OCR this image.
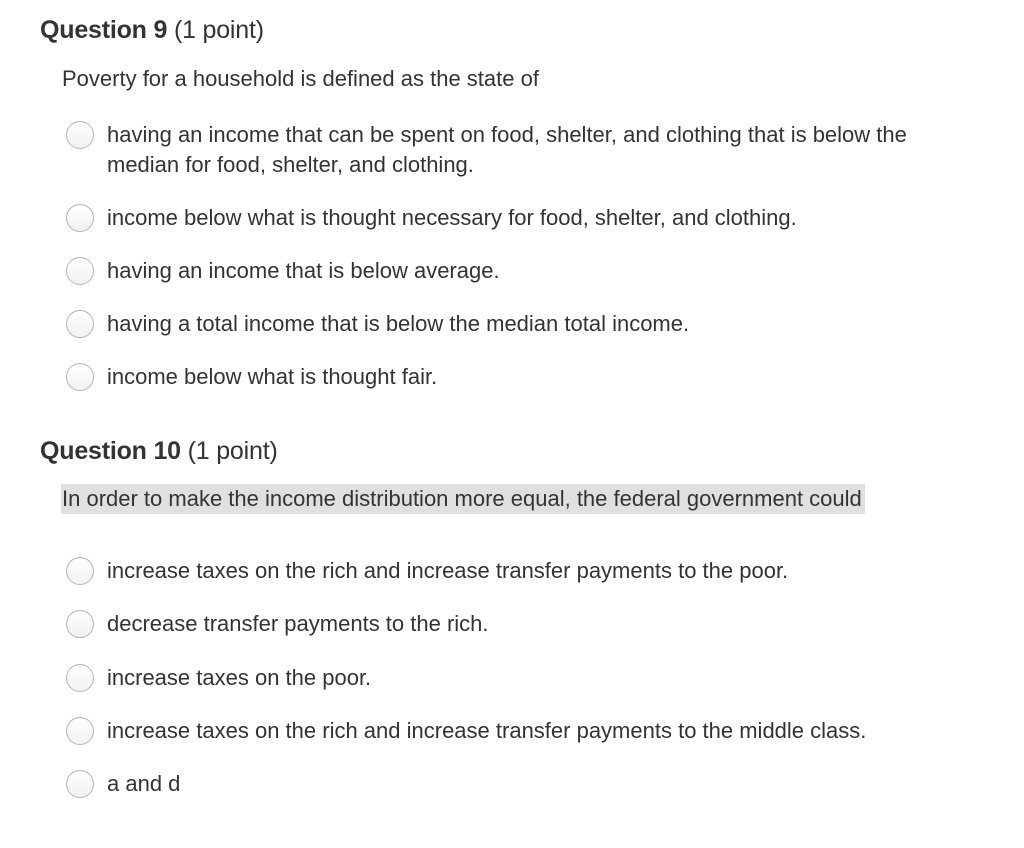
Question 9 (1 point)
Poverty for a household is defined as the state of
having an income that can be spent on food, shelter, and clothing that is below the
median for food, shelter, and clothing.
income below what is thought necessary for food, shelter, and clothing.
having an income that is below average.
having a total income that is below the median total income.
income below what is thought fair.
Question 10 (1 point)
In order to make the income distribution more equal, the federal government could
increase taxes on the rich and increase transfer payments to the poor.
decrease transfer payments to the rich.
increase taxes on the poor.
increase taxes on the rich and increase transfer payments to the middle class.
a and d
